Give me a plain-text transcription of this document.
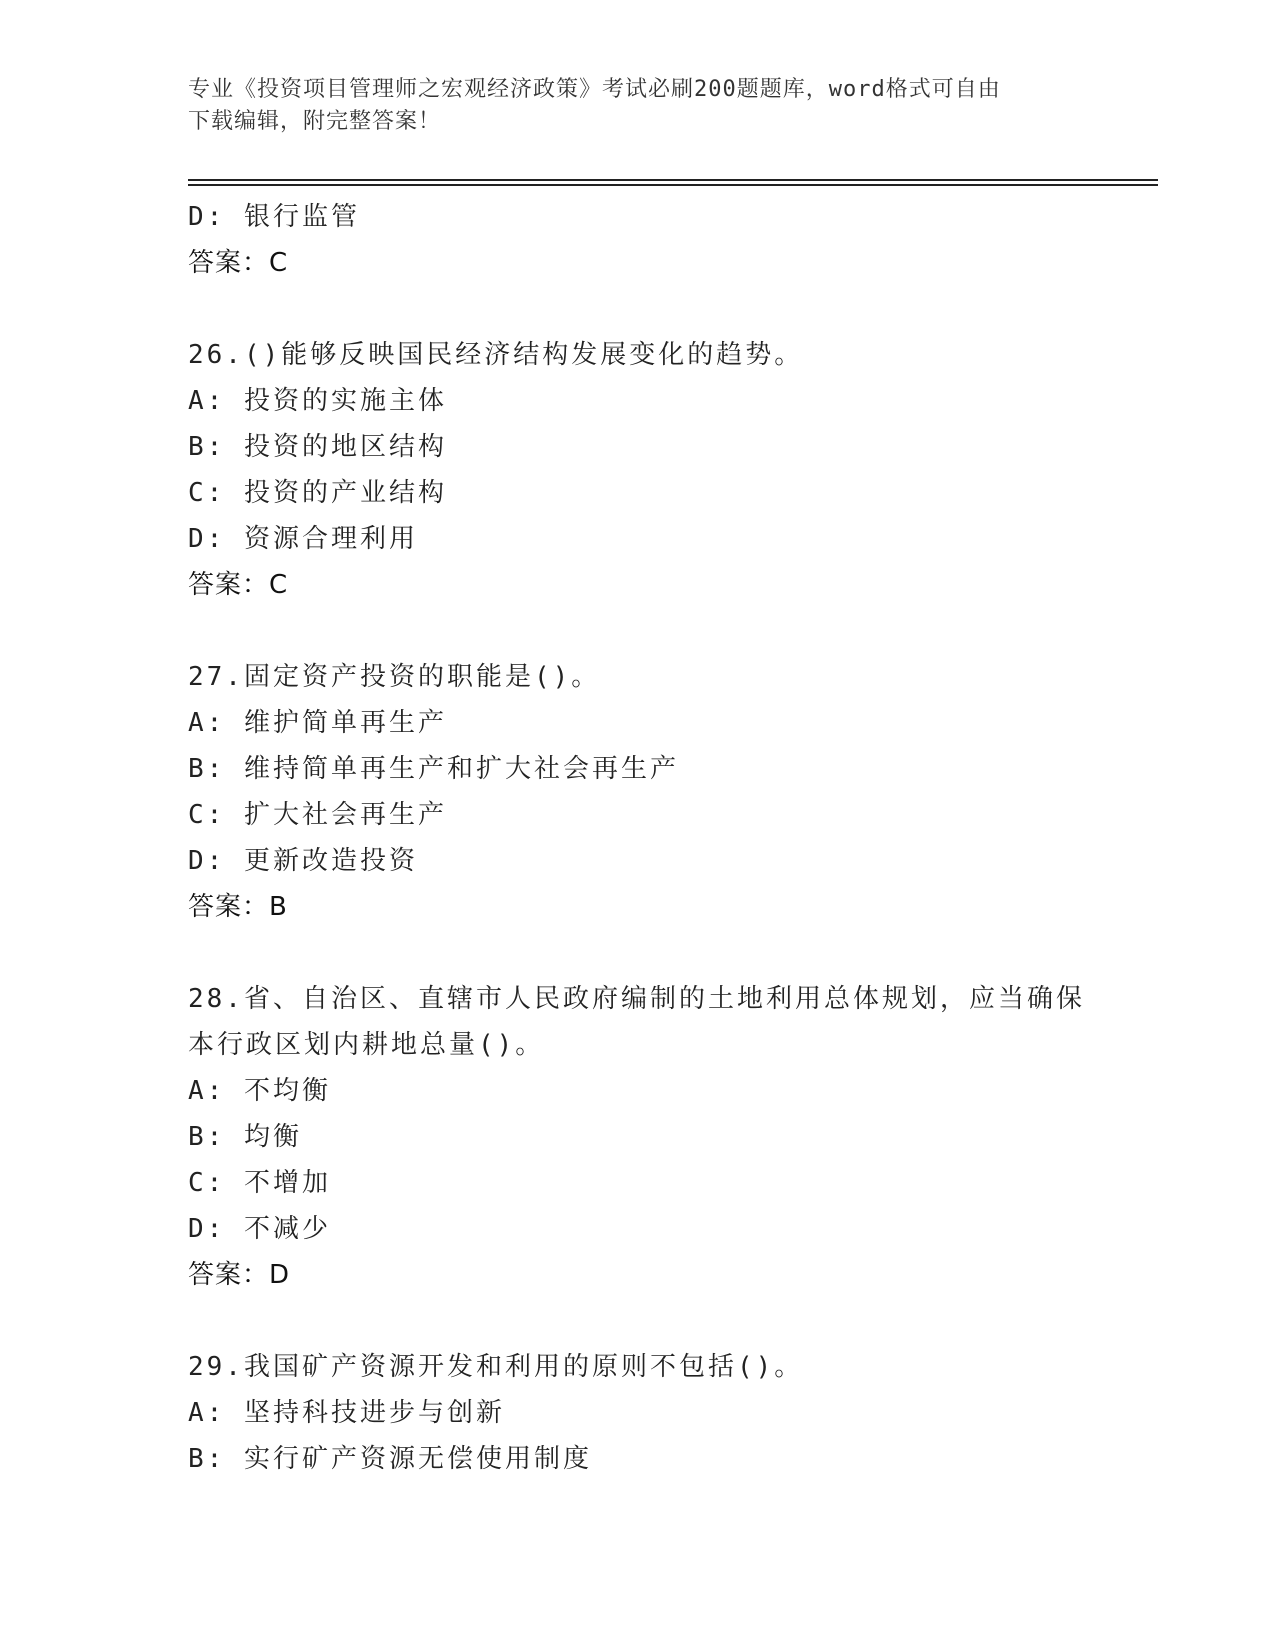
专业《投资项目管理师之宏观经济政策》考试必刷200题题库，word格式可自由
下载编辑，附完整答案！
D: 银行监管
答案：C
26.()能够反映国民经济结构发展变化的趋势。
A: 投资的实施主体
B: 投资的地区结构
C: 投资的产业结构
D: 资源合理利用
答案：C
27.固定资产投资的职能是()。
A: 维护简单再生产
B: 维持简单再生产和扩大社会再生产
C: 扩大社会再生产
D: 更新改造投资
答案：B
28.省、自治区、直辖市人民政府编制的土地利用总体规划，应当确保
本行政区划内耕地总量()。
A: 不均衡
B: 均衡
C: 不增加
D: 不减少
答案：D
29.我国矿产资源开发和利用的原则不包括()。
A: 坚持科技进步与创新
B: 实行矿产资源无偿使用制度
